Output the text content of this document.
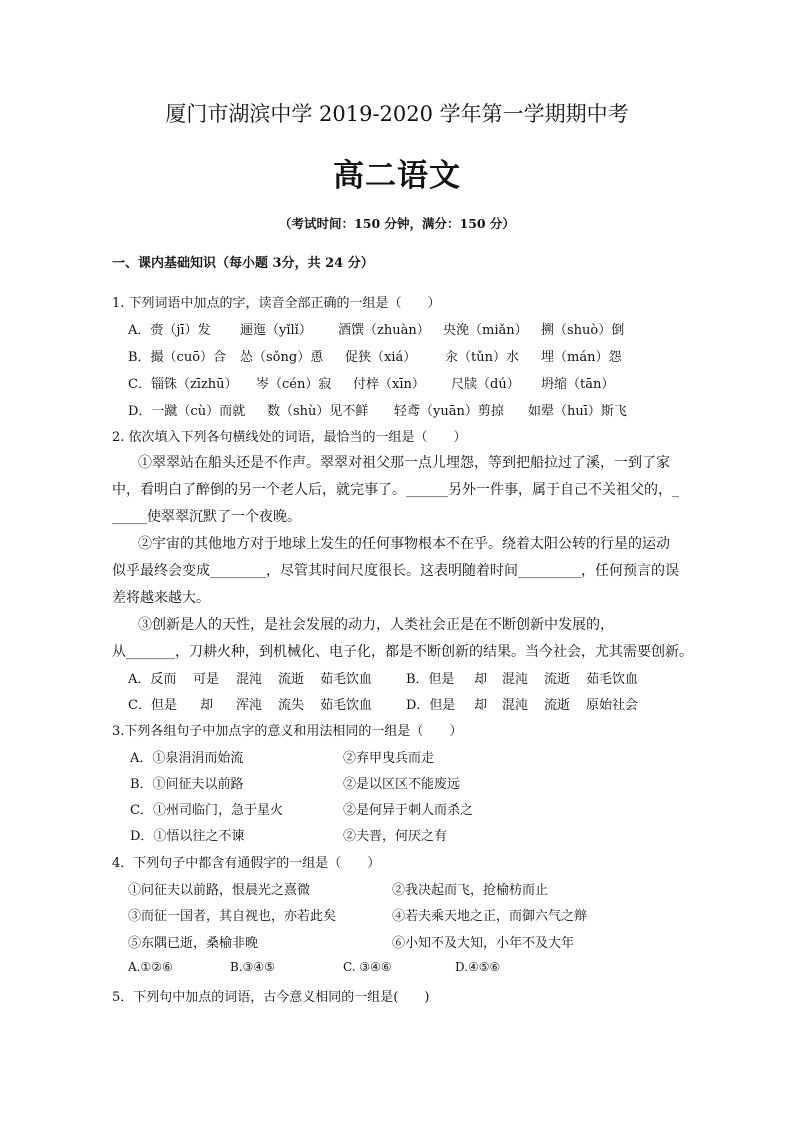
厦门市湖滨中学 2019-2020 学年第一学期期中考
高二语文
（考试时间：150 分钟，满分：150 分）
一、课内基础知识（每小题 3分，共 24 分）
1. 下列词语中加点的字，读音全部正确的一组是（　　）
A．赍（jī）发 逦迤（yǐlǐ） 酒馔（zhuàn） 央浼（miǎn） 搠（shuò）倒
B．撮（cuō）合 怂（sǒng）恿 促狭（xiá） 汆（tǔn）水 埋（mán）怨
C．锱铢（zīzhū） 岑（cén）寂 付梓（xīn） 尺牍（dú） 坍缩（tān）
D．一蹴（cù）而就 数（shù）见不鲜 轻鸢（yuān）剪掠 如翚（huī）斯飞
2. 依次填入下列各句横线处的词语，最恰当的一组是（　　）
①翠翠站在船头还是不作声。翠翠对祖父那一点儿埋怨，等到把船拉过了溪，一到了家
中，看明白了醉倒的另一个老人后，就完事了。______另外一件事，属于自己不关祖父的，_
_____使翠翠沉默了一个夜晚。
②宇宙的其他地方对于地球上发生的任何事物根本不在乎。绕着太阳公转的行星的运动
似乎最终会变成________，尽管其时间尺度很长。这表明随着时间_________，任何预言的误
差将越来越大。
③创新是人的天性，是社会发展的动力，人类社会正是在不断创新中发展的，
从_______，刀耕火种，到机械化、电子化，都是不断创新的结果。当今社会，尤其需要创新。
A．反而 可是 混沌 流逝 茹毛饮血	B．但是 却 混沌 流逝 茹毛饮血
C．但是 却 浑沌 流失 茹毛饮血	D．但是 却 混沌 流逝 原始社会
3.下列各组句子中加点字的意义和用法相同的一组是（　　）
A．①泉涓涓而始流	②弃甲曳兵而走
B．①问征夫以前路	②是以区区不能废远
C．①州司临门，急于星火	②是何异于刺人而杀之
D．①悟以往之不谏	②夫晋，何厌之有
4．下列句子中都含有通假字的一组是（　　）
①问征夫以前路，恨晨光之熹微	②我决起而飞，抢榆枋而止
③而征一国者，其自视也，亦若此矣	④若夫乘天地之正，而御六气之辩
⑤东隅已逝，桑榆非晚	⑥小知不及大知，小年不及大年
A.①②⑥	B.③④⑤	C. ③④⑥	D.④⑤⑥
5．下列句中加点的词语，古今意义相同的一组是(　　)
